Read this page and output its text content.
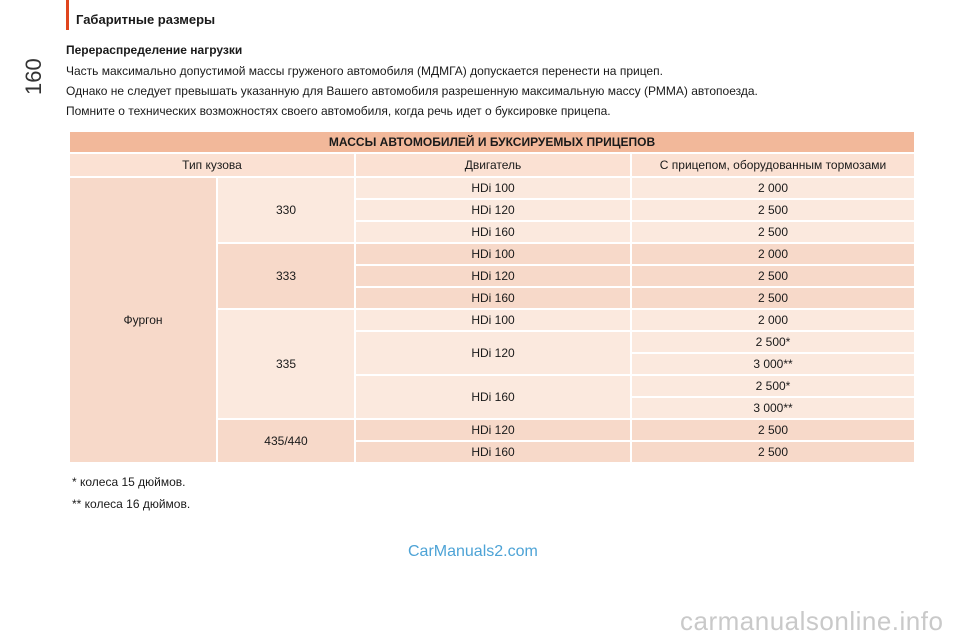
160
Габаритные размеры

Перераспределение нагрузки

Часть максимально допустимой массы груженого автомобиля (МДМГА) допускается перенести на прицеп.

Однако не следует превышать указанную для Вашего автомобиля разрешенную максимальную массу (РММА) автопоезда.

Помните о технических возможностях своего автомобиля, когда речь идет о буксировке прицепа.

МАССЫ АВТОМОБИЛЕЙ И БУКСИРУЕМЫХ ПРИЦЕПОВ			
Тип кузова		Двигатель	С прицепом, оборудованным тормозами
Фургон	330	HDi 100	2 000
		HDi 120	2 500
		HDi 160	2 500
	333	HDi 100	2 000
		HDi 120	2 500
		HDi 160	2 500
	335	HDi 100	2 000
		HDi 120	2 500*
			3 000**
		HDi 160	2 500*
			3 000**
	435/440	HDi 120	2 500
		HDi 160	2 500
* колеса 15 дюймов.
** колеса 16 дюймов.
CarManuals2.com
carmanualsonline.info
